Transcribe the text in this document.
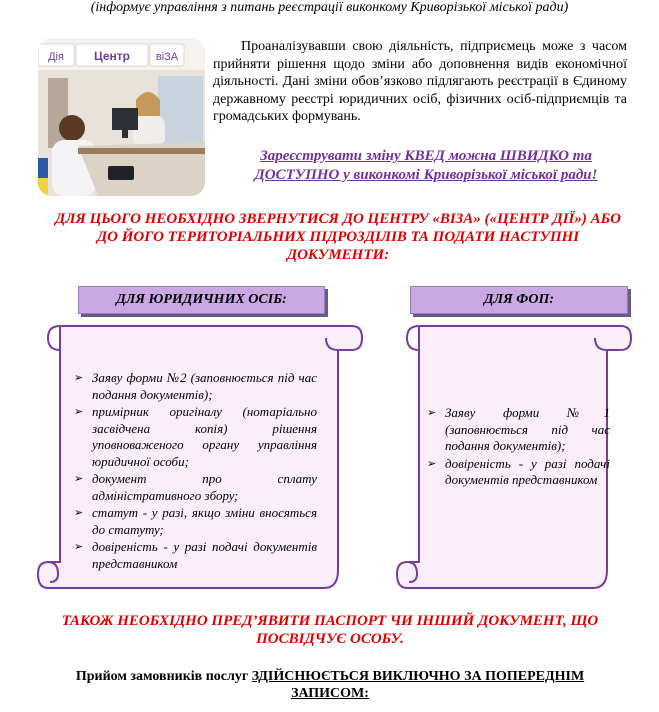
(інформує управління з питань реєстрації виконкому Криворізької міської ради)
Дія	Центр віЗА
Проаналізувавши свою діяльність, підприємець може з часом прийняти рішення щодо зміни або доповнення видів економічної діяльності. Дані зміни обов’язково підлягають реєстрації в Єдиному державному реєстрі юридичних осіб, фізичних осіб-підприємців та громадських формувань.
Зареєструвати зміну КВЕД можна ШВИДКО та ДОСТУПНО у виконкомі Криворізької міської ради!
ДЛЯ ЦЬОГО НЕОБХІДНО ЗВЕРНУТИСЯ ДО ЦЕНТРУ «ВІЗА» («ЦЕНТР ДІЇ») АБО ДО ЙОГО ТЕРИТОРІАЛЬНИХ ПІДРОЗДІЛІВ ТА ПОДАТИ НАСТУПНІ ДОКУМЕНТИ:
ДЛЯ ЮРИДИЧНИХ ОСІБ:	ДЛЯ ФОП:
➢ Заяву форми №2 (заповнюється під час подання документів);
➢ примірник оригіналу (нотаріально засвідчена копія) рішення уповноваженого органу управління юридичної особи;
➢ документ про сплату адміністративного збору;
➢ статут - у разі, якщо зміни вносяться до статуту;
➢ довіреність - у разі подачі документів представником
➢ Заяву форми №1 (заповнюється під час подання документів);
➢ довіреність - у разі подачі документів представником
ТАКОЖ НЕОБХІДНО ПРЕД’ЯВИТИ ПАСПОРТ ЧИ ІНШИЙ ДОКУМЕНТ, ЩО ПОСВІДЧУЄ ОСОБУ.
Прийом замовників послуг ЗДІЙСНЮЄТЬСЯ ВИКЛЮЧНО ЗА ПОПЕРЕДНІМ ЗАПИСОМ:
